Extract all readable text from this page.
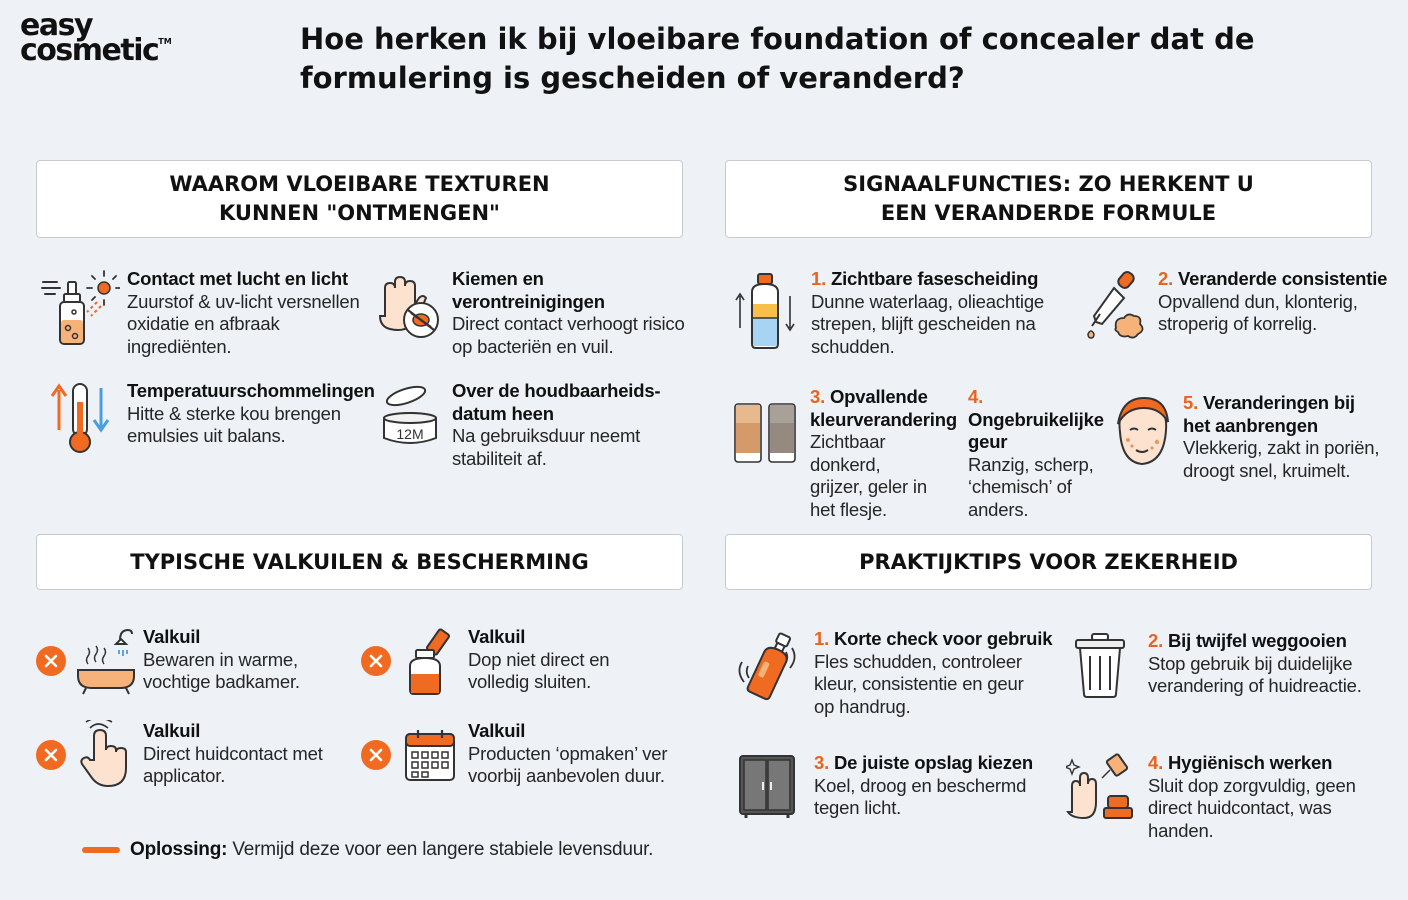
easy
cosmetic™	Hoe herken ik bij vloeibare foundation of concealer dat de formulering is gescheiden of veranderd?
WAAROM VLOEIBARE TEXTUREN
KUNNEN "ONTMENGEN"
SIGNAALFUNCTIES: ZO HERKENT U
EEN VERANDERDE FORMULE
TYPISCHE VALKUILEN & BESCHERMING	PRAKTIJKTIPS VOOR ZEKERHEID
Contact met lucht en licht
Zuurstof & uv-licht versnellen
oxidatie en afbraak
ingrediënten.
Kiemen en verontreinigingen
Direct contact verhoogt risico
op bacteriën en vuil.
Temperatuurschommelingen
Hitte & sterke kou brengen
emulsies uit balans.	12M
Over de houdbaarheids-
datum heen
Na gebruiksduur neemt
stabiliteit af.
1. Zichtbare fasescheiding
Dunne waterlaag, olieachtige
strepen, blijft gescheiden na
schudden.
2. Veranderde consistentie
Opvallend dun, klonterig,
stroperig of korrelig.
3. Opvallende
kleurverandering
Zichtbaar donkerd,
grijzer, geler in
het flesje.
4. Ongebruikelijke
geur
Ranzig, scherp,
‘chemisch’ of
anders.
5. Veranderingen bij
het aanbrengen
Vlekkerig, zakt in poriën,
droogt snel, kruimelt.
Valkuil
Bewaren in warme,
vochtige badkamer.
Valkuil
Dop niet direct en
volledig sluiten.
Valkuil
Direct huidcontact met
applicator.
Valkuil
Producten ‘opmaken’ ver
voorbij aanbevolen duur.
Oplossing: Vermijd deze voor een langere stabiele levensduur.
1. Korte check voor gebruik
Fles schudden, controleer
kleur, consistentie en geur
op handrug.
2. Bij twijfel weggooien
Stop gebruik bij duidelijke
verandering of huidreactie.
3. De juiste opslag kiezen
Koel, droog en beschermd
tegen licht.
4. Hygiënisch werken
Sluit dop zorgvuldig, geen
direct huidcontact, was
handen.
